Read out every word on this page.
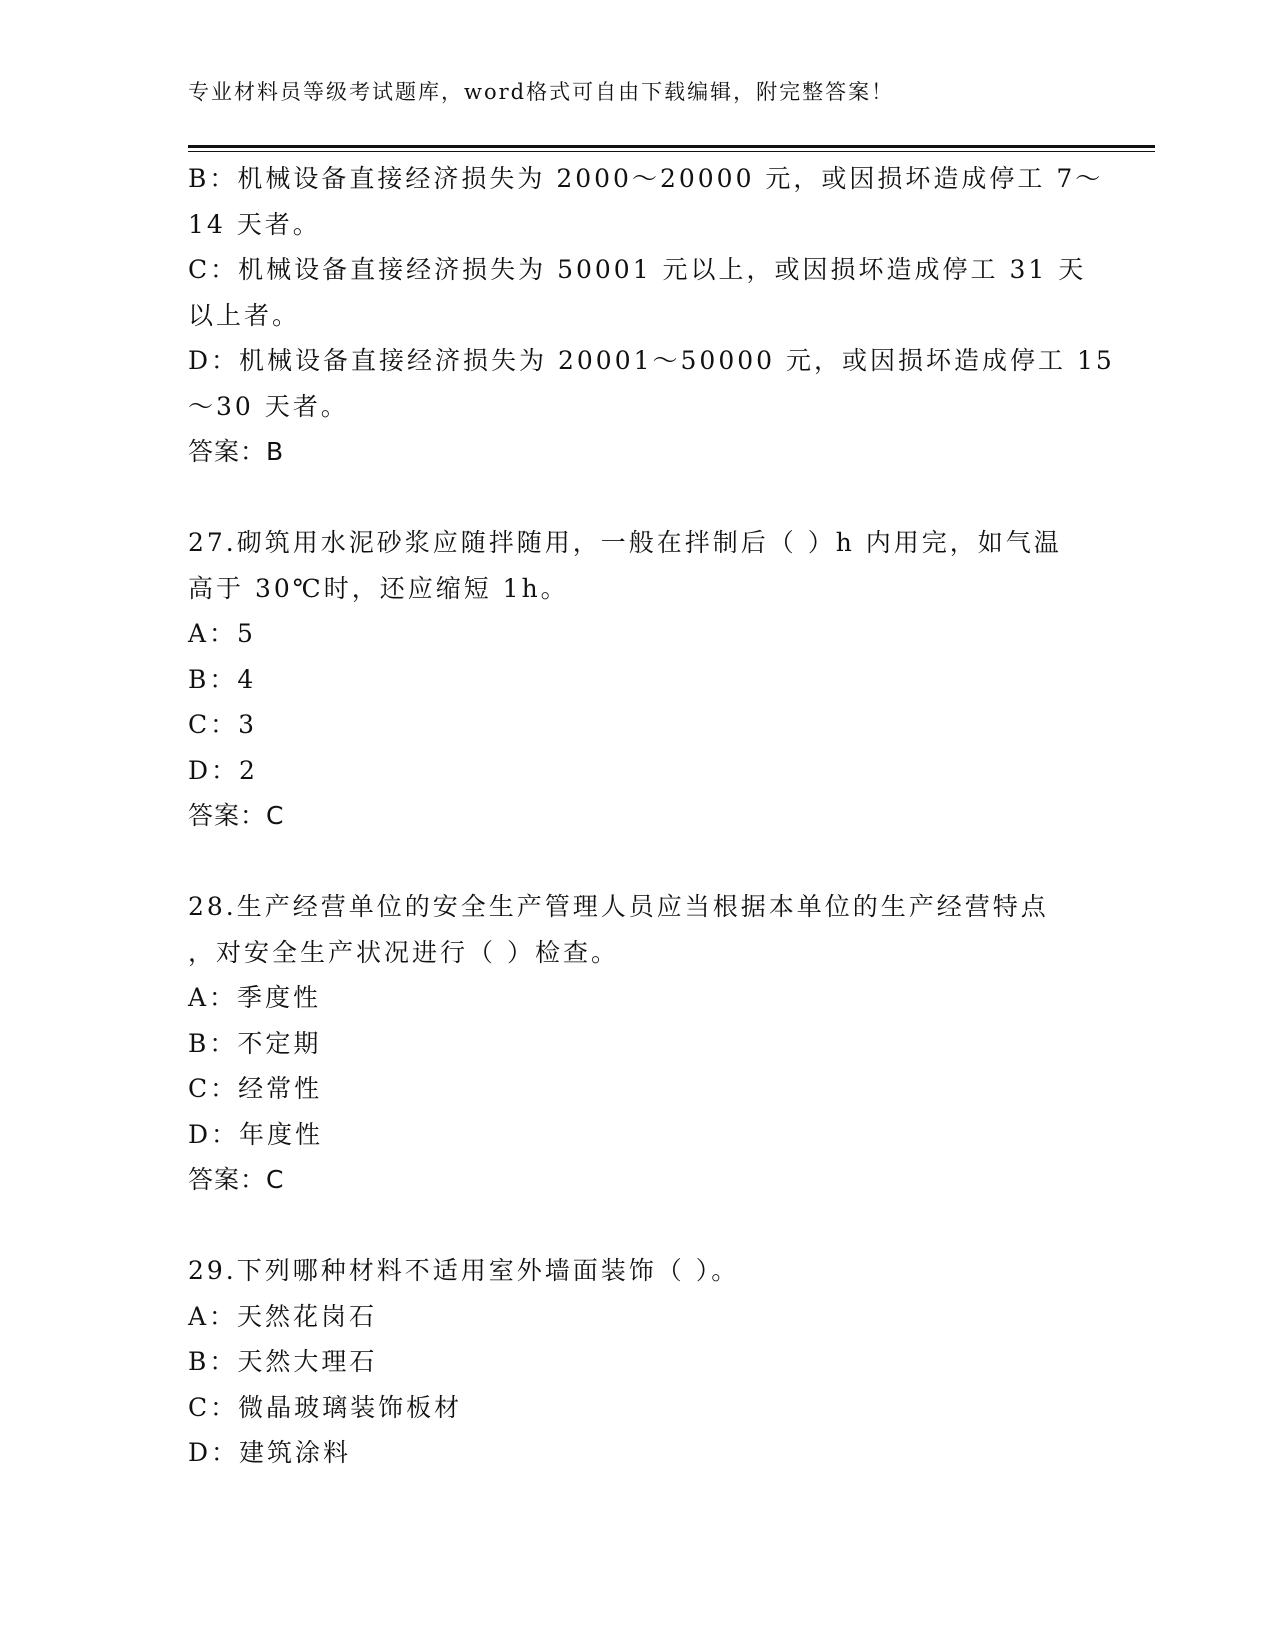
专业材料员等级考试题库，word格式可自由下载编辑，附完整答案！
B：机械设备直接经济损失为 2000～20000 元，或因损坏造成停工 7～
14 天者。
C：机械设备直接经济损失为 50001 元以上，或因损坏造成停工 31 天
以上者。
D：机械设备直接经济损失为 20001～50000 元，或因损坏造成停工 15
～30 天者。
答案：B
27.砌筑用水泥砂浆应随拌随用，一般在拌制后（ ）h 内用完，如气温
高于 30℃时，还应缩短 1h。
A：5
B：4
C：3
D：2
答案：C
28.生产经营单位的安全生产管理人员应当根据本单位的生产经营特点
，对安全生产状况进行（ ）检查。
A：季度性
B：不定期
C：经常性
D：年度性
答案：C
29.下列哪种材料不适用室外墙面装饰（ ）。
A：天然花岗石
B：天然大理石
C：微晶玻璃装饰板材
D：建筑涂料
